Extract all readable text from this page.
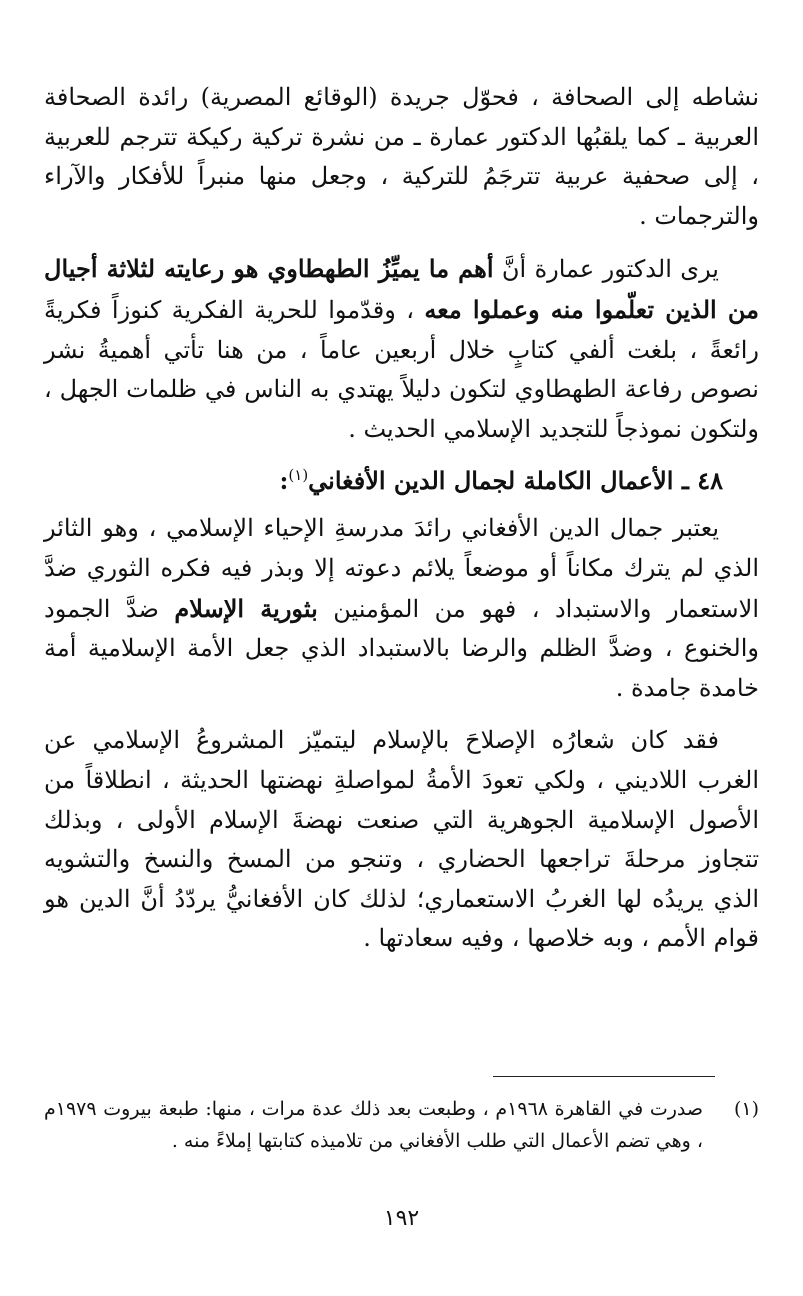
نشاطه إلى الصحافة ، فحوّل جريدة (الوقائع المصرية) رائدة الصحافة العربية ـ كما يلقبُها الدكتور عمارة ـ من نشرة تركية ركيكة تترجم للعربية ، إلى صحفية عربية تترجَمُ للتركية ، وجعل منها منبراً للأفكار والآراء والترجمات .

يرى الدكتور عمارة أنَّ أهم ما يميِّزُ الطهطاوي هو رعايته لثلاثة أجيال من الذين تعلّموا منه وعملوا معه ، وقدّموا للحرية الفكرية كنوزاً فكريةً رائعةً ، بلغت ألفي كتابٍ خلال أربعين عاماً ، من هنا تأتي أهميةُ نشر نصوص رفاعة الطهطاوي لتكون دليلاً يهتدي به الناس في ظلمات الجهل ، ولتكون نموذجاً للتجديد الإسلامي الحديث .

٤٨ ـ الأعمال الكاملة لجمال الدين الأفغاني$^{(١)}$:

يعتبر جمال الدين الأفغاني رائدَ مدرسةِ الإحياء الإسلامي ، وهو الثائر الذي لم يترك مكاناً أو موضعاً يلائم دعوته إلا وبذر فيه فكره الثوري ضدَّ الاستعمار والاستبداد ، فهو من المؤمنين بثورية الإسلام ضدَّ الجمود والخنوع ، وضدَّ الظلم والرضا بالاستبداد الذي جعل الأمة الإسلامية أمة خامدة جامدة .

فقد كان شعارُه الإصلاحَ بالإسلام ليتميّز المشروعُ الإسلامي عن الغرب اللاديني ، ولكي تعودَ الأمةُ لمواصلةِ نهضتها الحديثة ، انطلاقاً من الأصول الإسلامية الجوهرية التي صنعت نهضةَ الإسلام الأولى ، وبذلك تتجاوز مرحلةَ تراجعها الحضاري ، وتنجو من المسخ والنسخ والتشويه الذي يريدُه لها الغربُ الاستعماري؛ لذلك كان الأفغانيُّ يردّدُ أنَّ الدين هو قوام الأمم ، وبه خلاصها ، وفيه سعادتها .

(١)
صدرت في القاهرة ١٩٦٨م ، وطبعت بعد ذلك عدة مرات ، منها: طبعة بيروت ١٩٧٩م ، وهي تضم الأعمال التي طلب الأفغاني من تلاميذه كتابتها إملاءً منه .
١٩٢
